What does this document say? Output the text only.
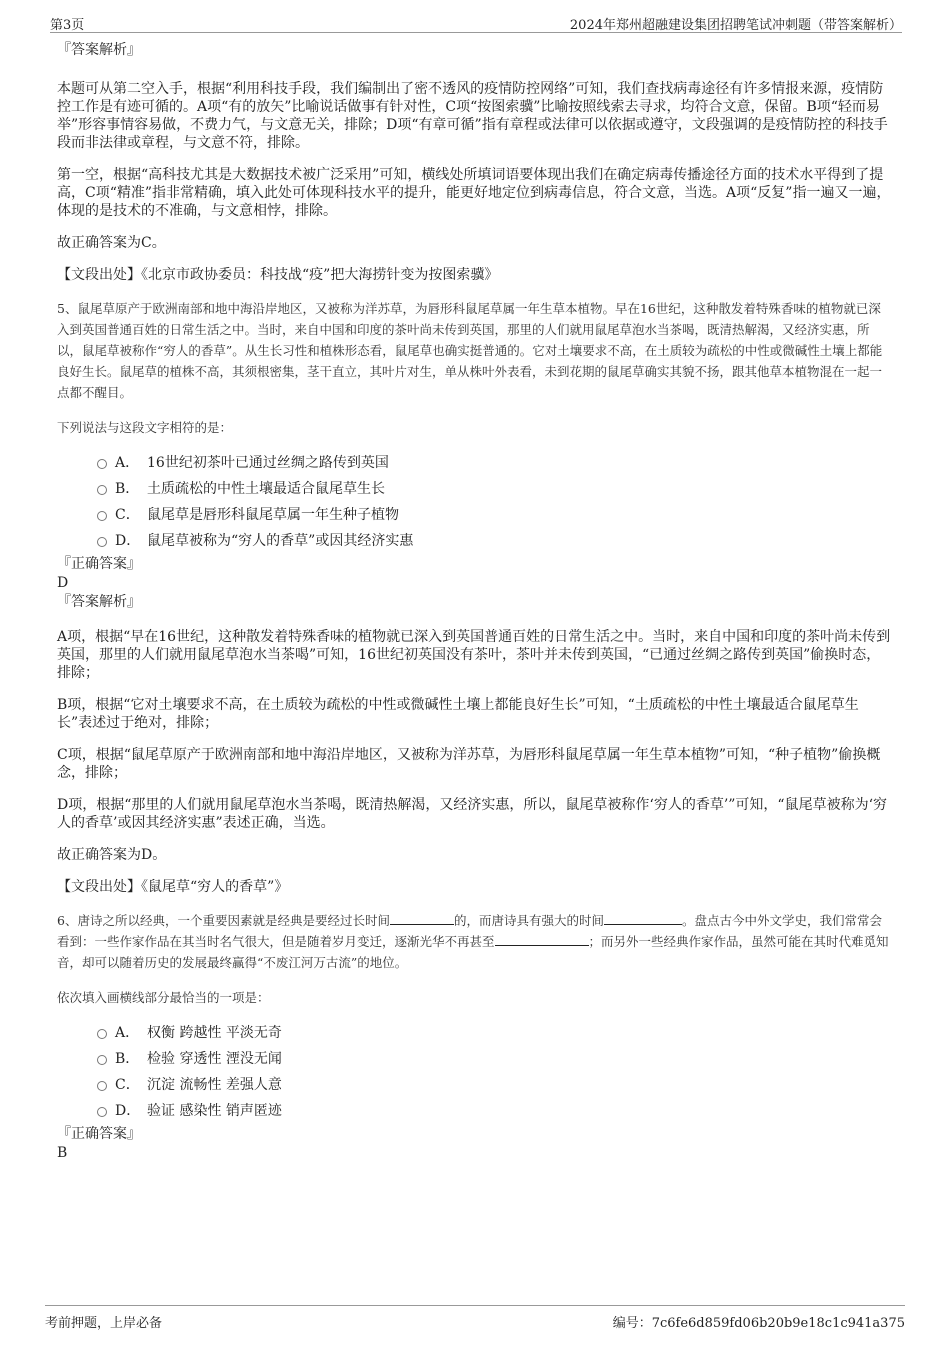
第3页	2024年郑州超融建设集团招聘笔试冲刺题（带答案解析）

『答案解析』

本题可从第二空入手，根据“利用科技手段，我们编制出了密不透风的疫情防控网络”可知，我们查找病毒途径有许多情报来源，疫情防控工作是有迹可循的。A项“有的放矢”比喻说话做事有针对性，C项“按图索骥”比喻按照线索去寻求，均符合文意，保留。B项“轻而易举”形容事情容易做，不费力气，与文意无关，排除；D项“有章可循”指有章程或法律可以依据或遵守，文段强调的是疫情防控的科技手段而非法律或章程，与文意不符，排除。

第一空，根据“高科技尤其是大数据技术被广泛采用”可知，横线处所填词语要体现出我们在确定病毒传播途径方面的技术水平得到了提高，C项“精准”指非常精确，填入此处可体现科技水平的提升，能更好地定位到病毒信息，符合文意，当选。A项“反复”指一遍又一遍，体现的是技术的不准确，与文意相悖，排除。

故正确答案为C。

【文段出处】《北京市政协委员：科技战“疫”把大海捞针变为按图索骥》

5、鼠尾草原产于欧洲南部和地中海沿岸地区，又被称为洋苏草，为唇形科鼠尾草属一年生草本植物。早在16世纪，这种散发着特殊香味的植物就已深入到英国普通百姓的日常生活之中。当时，来自中国和印度的茶叶尚未传到英国，那里的人们就用鼠尾草泡水当茶喝，既清热解渴，又经济实惠，所以，鼠尾草被称作“穷人的香草”。从生长习性和植株形态看，鼠尾草也确实挺普通的。它对土壤要求不高，在土质较为疏松的中性或微碱性土壤上都能良好生长。鼠尾草的植株不高，其须根密集，茎干直立，其叶片对生，单从株叶外表看，未到花期的鼠尾草确实其貌不扬，跟其他草本植物混在一起一点都不醒目。

下列说法与这段文字相符的是：

A． 16世纪初茶叶已通过丝绸之路传到英国
B． 土质疏松的中性土壤最适合鼠尾草生长
C． 鼠尾草是唇形科鼠尾草属一年生种子植物
D． 鼠尾草被称为“穷人的香草”或因其经济实惠

『正确答案』

D

『答案解析』

A项，根据“早在16世纪，这种散发着特殊香味的植物就已深入到英国普通百姓的日常生活之中。当时，来自中国和印度的茶叶尚未传到英国，那里的人们就用鼠尾草泡水当茶喝”可知，16世纪初英国没有茶叶，茶叶并未传到英国，“已通过丝绸之路传到英国”偷换时态，排除；

B项，根据“它对土壤要求不高，在土质较为疏松的中性或微碱性土壤上都能良好生长”可知，“土质疏松的中性土壤最适合鼠尾草生长”表述过于绝对，排除；

C项，根据“鼠尾草原产于欧洲南部和地中海沿岸地区，又被称为洋苏草，为唇形科鼠尾草属一年生草本植物”可知，“种子植物”偷换概念，排除；

D项，根据“那里的人们就用鼠尾草泡水当茶喝，既清热解渴，又经济实惠，所以，鼠尾草被称作‘穷人的香草’”可知，“鼠尾草被称为‘穷人的香草’或因其经济实惠”表述正确，当选。

故正确答案为D。

【文段出处】《鼠尾草“穷人的香草”》

6、唐诗之所以经典，一个重要因素就是经典是要经过长时间	的，而唐诗具有强大的时间	。盘点古今中外文学史，我们常常会看到：一些作家作品在其当时名气很大，但是随着岁月变迁，逐渐光华不再甚至	；而另外一些经典作家作品，虽然可能在其时代难觅知音，却可以随着历史的发展最终赢得“不废江河万古流”的地位。

依次填入画横线部分最恰当的一项是：

A． 权衡 跨越性 平淡无奇
B． 检验 穿透性 湮没无闻
C． 沉淀 流畅性 差强人意
D． 验证 感染性 销声匿迹

『正确答案』

B

考前押题，上岸必备	编号：7c6fe6d859fd06b20b9e18c1c941a375
